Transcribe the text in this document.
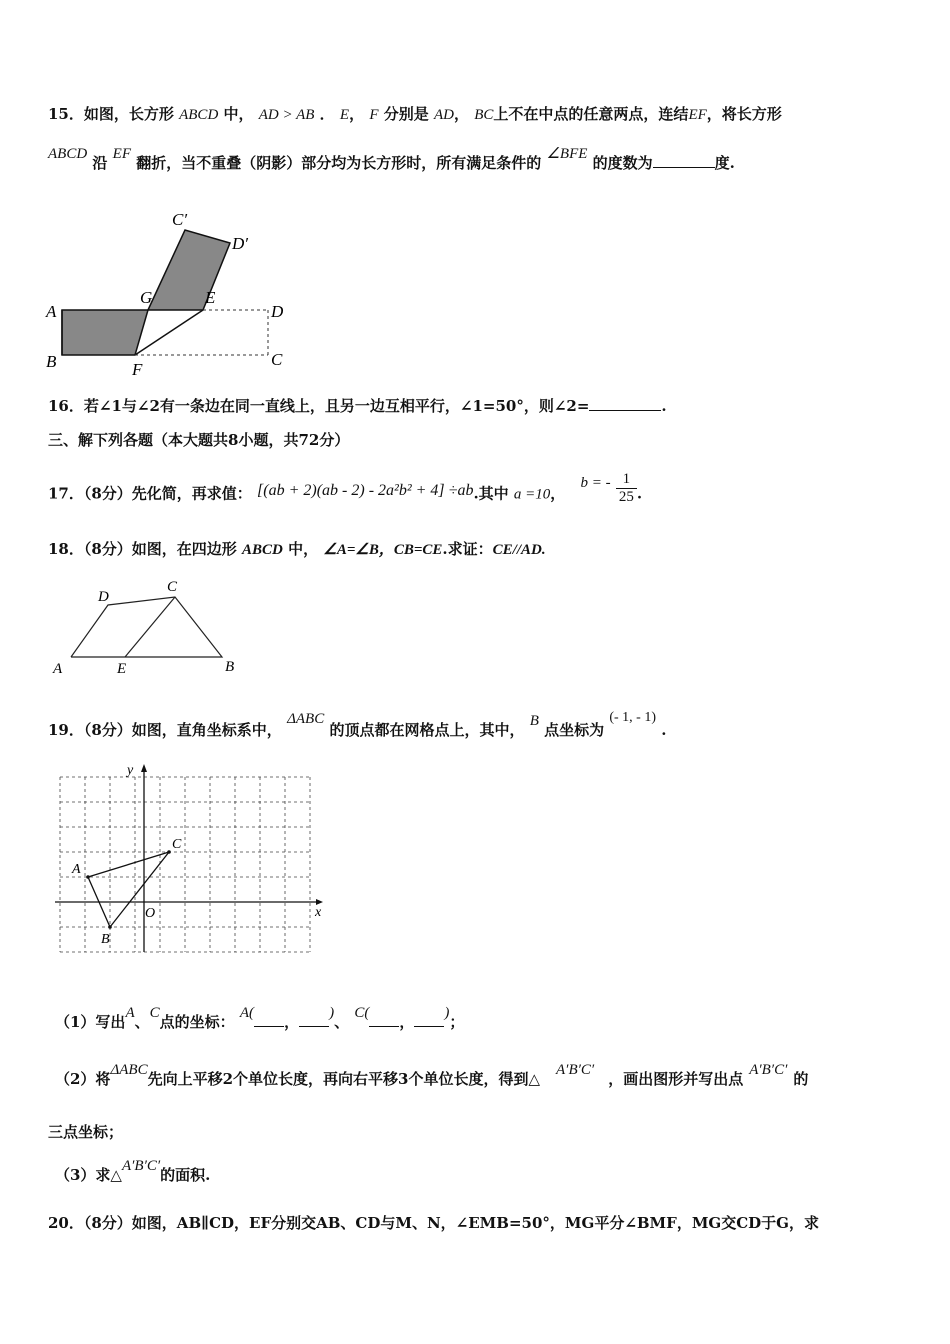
15．如图，长方形 ABCD 中， AD > AB ． E， F 分别是 AD， BC上不在中点的任意两点，连结EF，将长方形
ABCD 沿 EF 翻折，当不重叠（阴影）部分均为长方形时，所有满足条件的 ∠BFE 的度数为	度.
A
B	F
G	E
D
C
C′
D′
16．若∠1与∠2有一条边在同一直线上，且另一边互相平行，∠1=50°，则∠2=	.
三、解下列各题（本大题共8小题，共72分）
17．（8分）先化简，再求值： [(ab + 2)(ab - 2) - 2a²b² + 4] ÷ab.其中 a =10， b = - $\frac{1}{25}$ .
18．（8分）如图，在四边形 ABCD 中， ∠A=∠B，CB=CE.求证：CE//AD.
A	E	B
D
C
19．（8分）如图，直角坐标系中， ΔABC 的顶点都在网格点上，其中， B 点坐标为 (- 1, - 1) .
y
x
O
A
B
C
（1）写出A、C点的坐标： A( ， )、 C( ， )；
（2）将ΔABC先向上平移2个单位长度，再向右平移3个单位长度，得到△ A′B′C′ ，画出图形并写出点 A′B′C′ 的
三点坐标；
（3）求△A′B′C′的面积.
20．（8分）如图，AB∥CD，EF分别交AB、CD与M、N，∠EMB=50°，MG平分∠BMF，MG交CD于G，求
